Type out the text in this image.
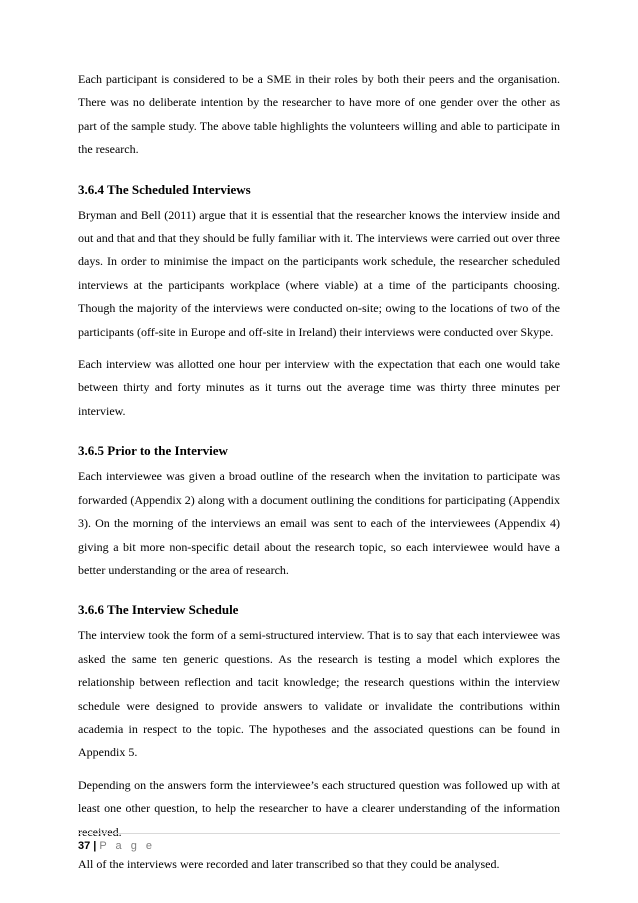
Each participant is considered to be a SME in their roles by both their peers and the organisation. There was no deliberate intention by the researcher to have more of one gender over the other as part of the sample study. The above table highlights the volunteers willing and able to participate in the research.

3.6.4 The Scheduled Interviews

Bryman and Bell (2011) argue that it is essential that the researcher knows the interview inside and out and that and that they should be fully familiar with it. The interviews were carried out over three days. In order to minimise the impact on the participants work schedule, the researcher scheduled interviews at the participants workplace (where viable) at a time of the participants choosing. Though the majority of the interviews were conducted on-site; owing to the locations of two of the participants (off-site in Europe and off-site in Ireland) their interviews were conducted over Skype.

Each interview was allotted one hour per interview with the expectation that each one would take between thirty and forty minutes as it turns out the average time was thirty three minutes per interview.

3.6.5 Prior to the Interview

Each interviewee was given a broad outline of the research when the invitation to participate was forwarded (Appendix 2) along with a document outlining the conditions for participating (Appendix 3). On the morning of the interviews an email was sent to each of the interviewees (Appendix 4) giving a bit more non-specific detail about the research topic, so each interviewee would have a better understanding or the area of research.

3.6.6 The Interview Schedule

The interview took the form of a semi-structured interview. That is to say that each interviewee was asked the same ten generic questions. As the research is testing a model which explores the relationship between reflection and tacit knowledge; the research questions within the interview schedule were designed to provide answers to validate or invalidate the contributions within academia in respect to the topic. The hypotheses and the associated questions can be found in Appendix 5.

Depending on the answers form the interviewee’s each structured question was followed up with at least one other question, to help the researcher to have a clearer understanding of the information received.

All of the interviews were recorded and later transcribed so that they could be analysed.

37 | P a g e
